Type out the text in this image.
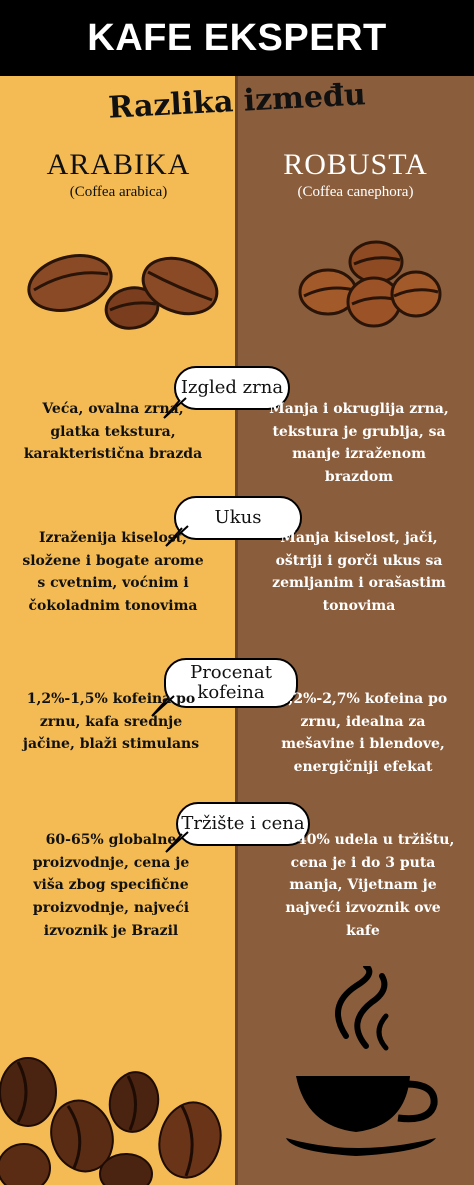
KAFE EKSPERT
Razlika između
ARABIKA
(Coffea arabica)
ROBUSTA
(Coffea canephora)
Izgled zrna
Veća, ovalna zrna, glatka tekstura, karakteristična brazda
Manja i okruglija zrna, tekstura je grublja, sa manje izraženom brazdom
Ukus
Izraženija kiselost, složene i bogate arome s cvetnim, voćnim i čokoladnim tonovima
Manja kiselost, jači, oštriji i gorči ukus sa zemljanim i orašastim tonovima
Procenat kofeina
1,2%-1,5% kofeina po zrnu, kafa srednje jačine, blaži stimulans
2,2%-2,7% kofeina po zrnu, idealna za mešavine i blendove, energičniji efekat
Tržište i cena
60-65% globalne proizvodnje, cena je viša zbog specifične proizvodnje, najveći izvoznik je Brazil
35-40% udela u tržištu, cena je i do 3 puta manja, Vijetnam je najveći izvoznik ove kafe
